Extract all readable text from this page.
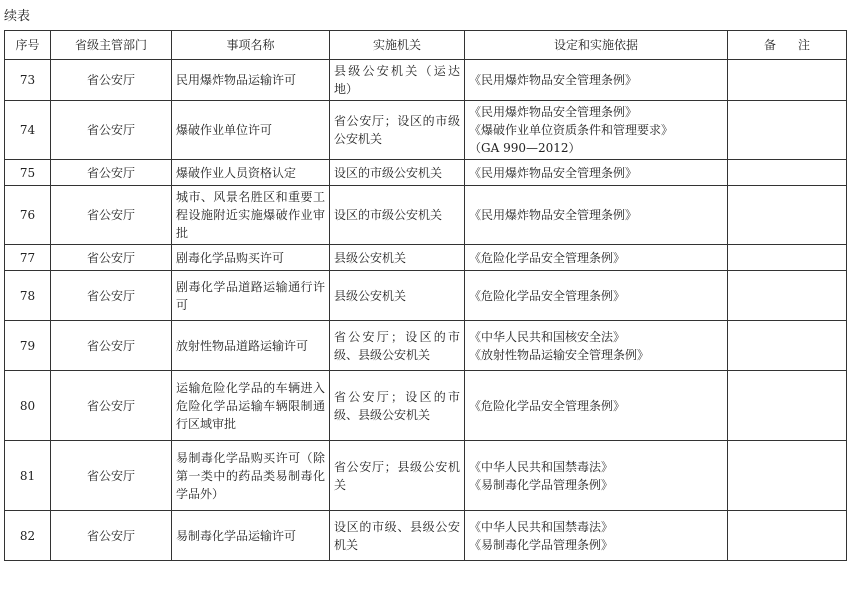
续表
序号	省级主管部门	事项名称	实施机关	设定和实施依据	备注
73	省公安厅	民用爆炸物品运输许可	县级公安机关（运达地）	《民用爆炸物品安全管理条例》	

74	省公安厅	爆破作业单位许可	省公安厅；设区的市级公安机关	《民用爆炸物品安全管理条例》
《爆破作业单位资质条件和管理要求》
（GA 990—2012）	

75	省公安厅	爆破作业人员资格认定	设区的市级公安机关	《民用爆炸物品安全管理条例》	

76	省公安厅	城市、风景名胜区和重要工程设施附近实施爆破作业审批	设区的市级公安机关	《民用爆炸物品安全管理条例》	

77	省公安厅	剧毒化学品购买许可	县级公安机关	《危险化学品安全管理条例》	

78	省公安厅	剧毒化学品道路运输通行许可	县级公安机关	《危险化学品安全管理条例》	

79	省公安厅	放射性物品道路运输许可	省公安厅；设区的市级、县级公安机关	《中华人民共和国核安全法》
《放射性物品运输安全管理条例》	

80	省公安厅	运输危险化学品的车辆进入危险化学品运输车辆限制通行区域审批	省公安厅；设区的市级、县级公安机关	《危险化学品安全管理条例》	

81	省公安厅	易制毒化学品购买许可（除第一类中的药品类易制毒化学品外）	省公安厅；县级公安机关	《中华人民共和国禁毒法》
《易制毒化学品管理条例》	

82	省公安厅	易制毒化学品运输许可	设区的市级、县级公安机关	《中华人民共和国禁毒法》
《易制毒化学品管理条例》	
